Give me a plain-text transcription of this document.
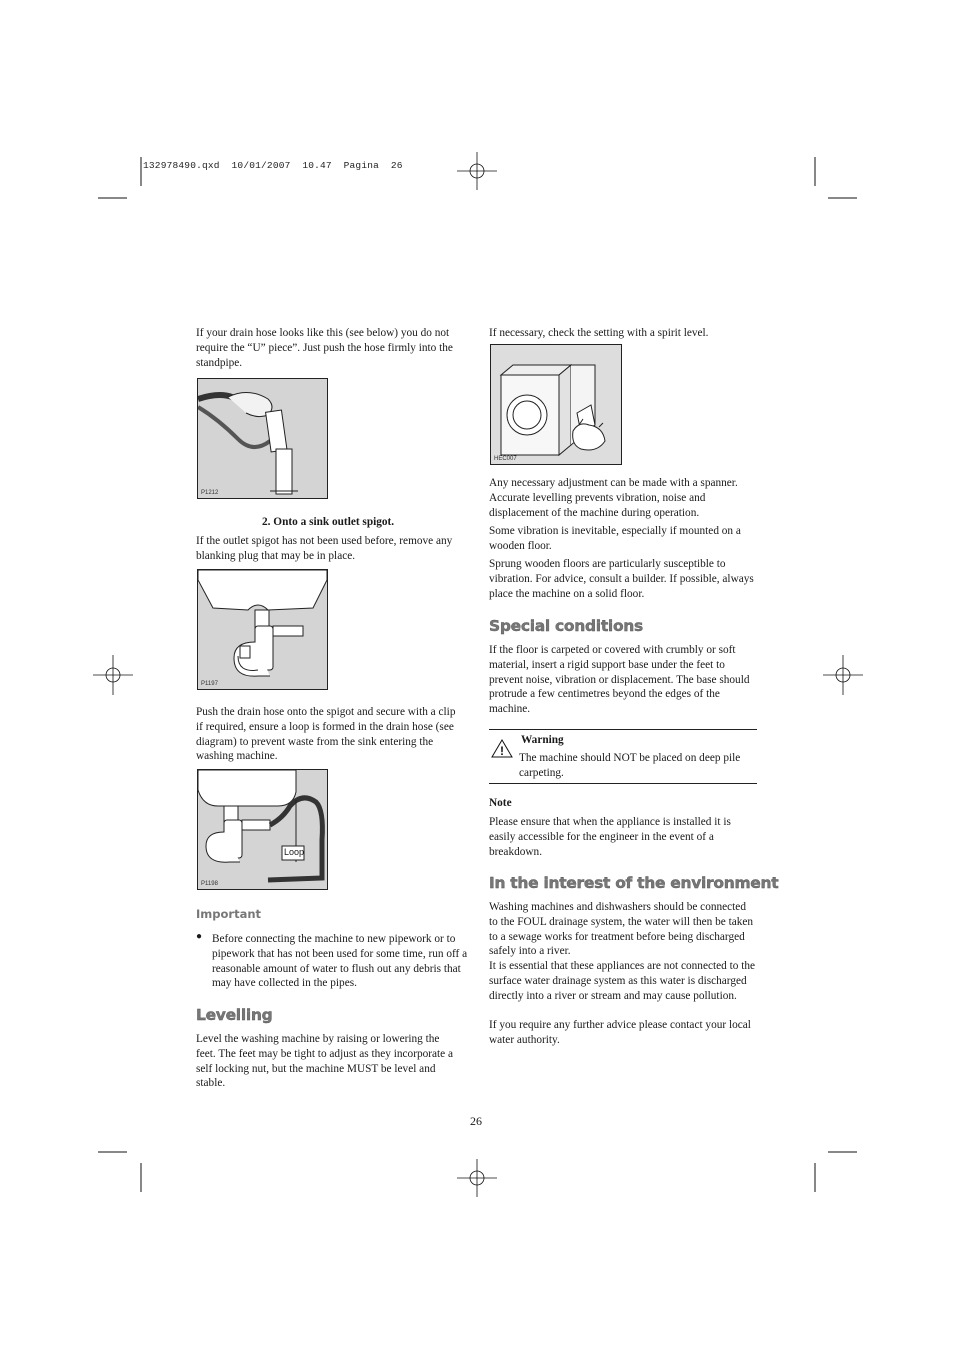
132978490.qxd  10/01/2007  10.47  Pagina  26

If your drain hose looks like this (see below) you do not require the “U” piece”. Just push the hose firmly into the standpipe.

P1212

2. Onto a sink outlet spigot.

If the outlet spigot has not been used before, remove any blanking plug that may be in place.

P1197

Push the drain hose onto the spigot and secure with a clip if required, ensure a loop is formed in the drain hose (see diagram) to prevent waste from the sink entering the washing machine.

Loop
P1198

Important

● Before connecting the machine to new pipework or to pipework that has not been used for some time, run off a reasonable amount of water to flush out any debris that may have collected in the pipes.

Levelling

Level the washing machine by raising or lowering the feet. The feet may be tight to adjust as they incorporate a self locking nut, but the machine MUST be level and stable.

If necessary, check the setting with a spirit level.

HEC007

Any necessary adjustment can be made with a spanner. Accurate levelling prevents vibration, noise and displacement of the machine during operation.

Some vibration is inevitable, especially if mounted on a wooden floor.

Sprung wooden floors are particularly susceptible to vibration. For advice, consult a builder. If possible, always place the machine on a solid floor.

Special conditions

If the floor is carpeted or covered with crumbly or soft material, insert a rigid support base under the feet to prevent noise, vibration or displacement. The base should protrude a few centimetres beyond the edges of the machine.

!

Warning

The machine should NOT be placed on deep pile carpeting.

Note

Please ensure that when the appliance is installed it is easily accessible for the engineer in the event of a breakdown.

In the interest of the environment

Washing machines and dishwashers should be connected to the FOUL drainage system, the water will then be taken to a sewage works for treatment before being discharged safely into a river.

It is essential that these appliances are not connected to the surface water drainage system as this water is discharged directly into a river or stream and may cause pollution.

If you require any further advice please contact your local water authority.

26
